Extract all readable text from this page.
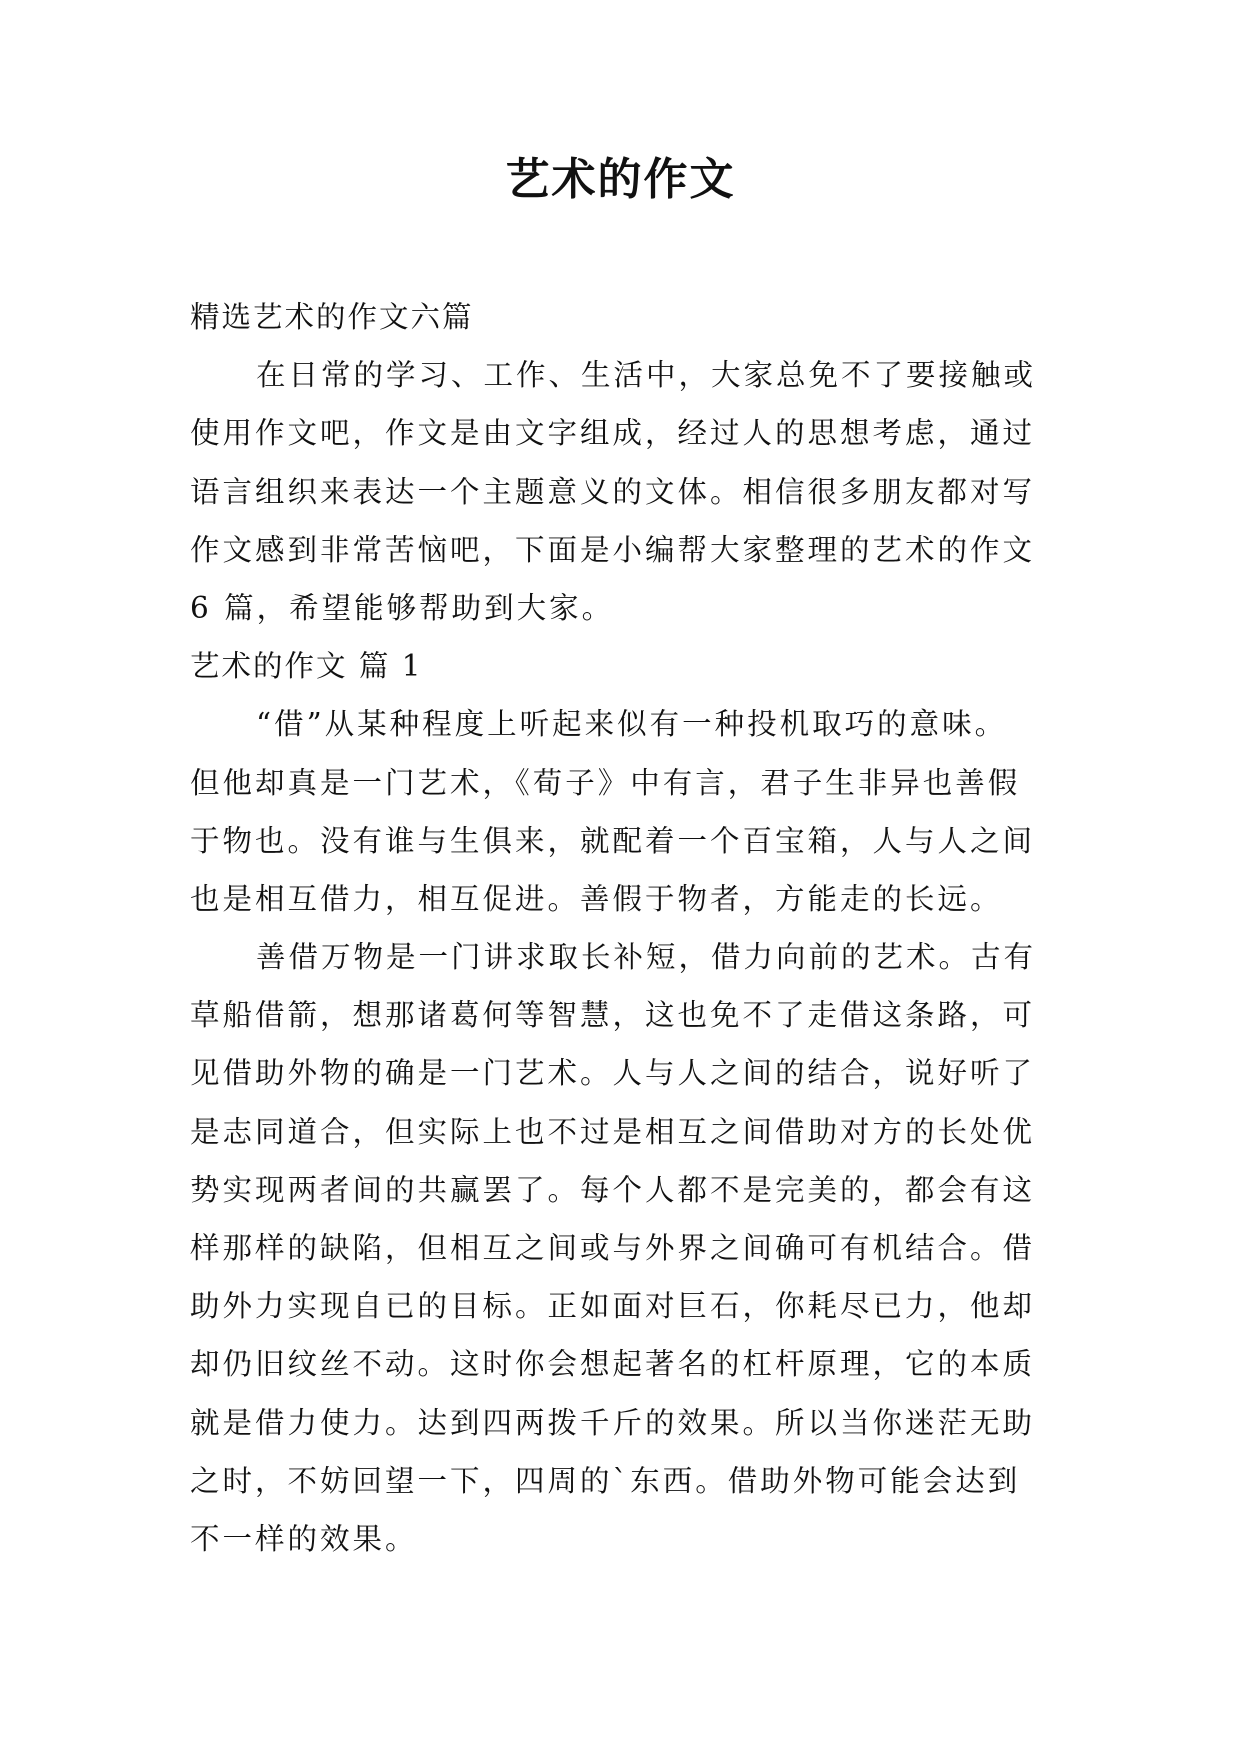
艺术的作文

精选艺术的作文六篇

在日常的学习、工作、生活中，大家总免不了要接触或

使用作文吧，作文是由文字组成，经过人的思想考虑，通过

语言组织来表达一个主题意义的文体。相信很多朋友都对写

作文感到非常苦恼吧，下面是小编帮大家整理的艺术的作文

6 篇，希望能够帮助到大家。

艺术的作文 篇 1

“借”从某种程度上听起来似有一种投机取巧的意味。

但他却真是一门艺术，《荀子》中有言，君子生非异也善假

于物也。没有谁与生俱来，就配着一个百宝箱，人与人之间

也是相互借力，相互促进。善假于物者，方能走的长远。

善借万物是一门讲求取长补短，借力向前的艺术。古有

草船借箭，想那诸葛何等智慧，这也免不了走借这条路，可

见借助外物的确是一门艺术。人与人之间的结合，说好听了

是志同道合，但实际上也不过是相互之间借助对方的长处优

势实现两者间的共赢罢了。每个人都不是完美的，都会有这

样那样的缺陷，但相互之间或与外界之间确可有机结合。借

助外力实现自已的目标。正如面对巨石，你耗尽已力，他却

却仍旧纹丝不动。这时你会想起著名的杠杆原理，它的本质

就是借力使力。达到四两拨千斤的效果。所以当你迷茫无助

之时，不妨回望一下，四周的`东西。借助外物可能会达到

不一样的效果。
